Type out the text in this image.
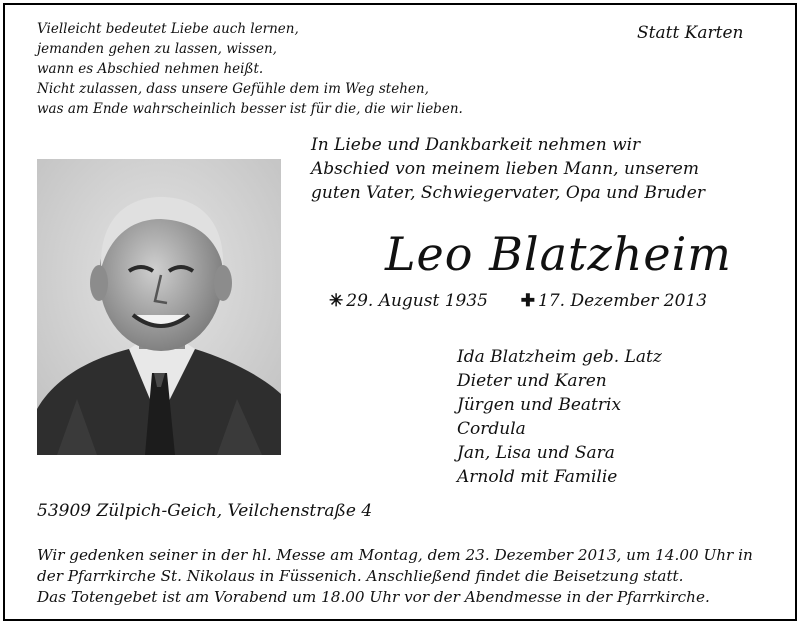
Vielleicht bedeutet Liebe auch lernen,
jemanden gehen zu lassen, wissen,
wann es Abschied nehmen heißt.
Nicht zulassen, dass unsere Gefühle dem im Weg stehen,
was am Ende wahrscheinlich besser ist für die, die wir lieben.
Statt Karten
In Liebe und Dankbarkeit nehmen wir
Abschied von meinem lieben Mann, unserem
guten Vater, Schwiegervater, Opa und Bruder
Leo Blatzheim
✳ 29. August 1935 ✚ 17. Dezember 2013
Ida Blatzheim geb. Latz
Dieter und Karen
Jürgen und Beatrix
Cordula
Jan, Lisa und Sara
Arnold mit Familie
53909 Zülpich-Geich, Veilchenstraße 4
Wir gedenken seiner in der hl. Messe am Montag, dem 23. Dezember 2013, um 14.00 Uhr in
der Pfarrkirche St. Nikolaus in Füssenich. Anschließend findet die Beisetzung statt.
Das Totengebet ist am Vorabend um 18.00 Uhr vor der Abendmesse in der Pfarrkirche.
